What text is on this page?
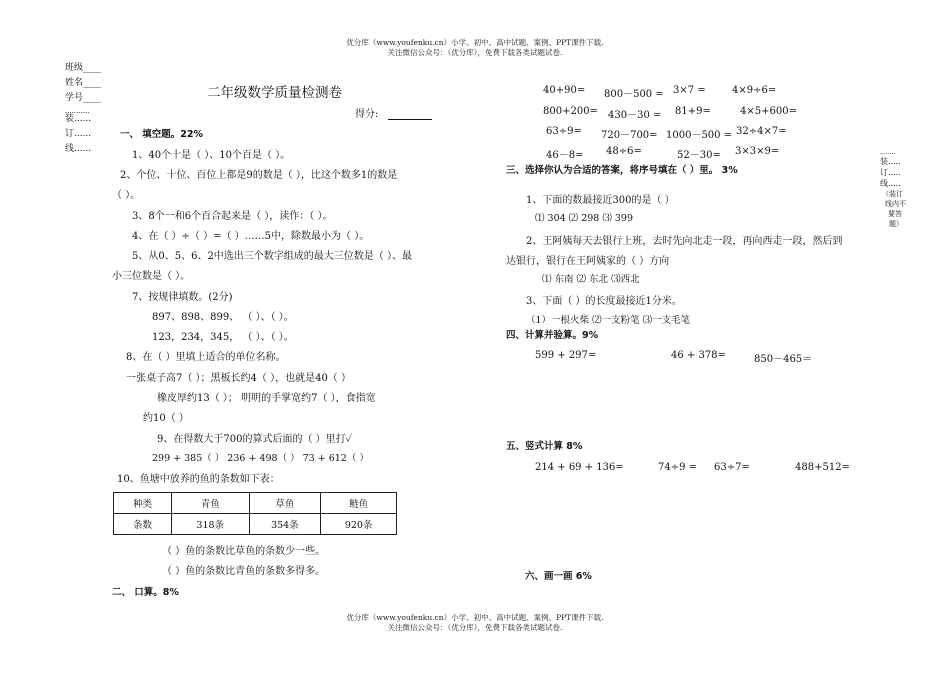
优分库（www.youfenku.cn）小学、初中、高中试题、案例、PPT课件下载.
关注微信公众号：（优分库），免费下载各类试题试卷.
班级____
姓名____
学号____
...........
装......
订......
线......
二年级数学质量检测卷
得分:
一、 填空题。22%
1、40个十是（ ）、10个百是（ ）。
2、个位、十位、百位上都是9的数是（ ），比这个数多1的数是
（ ）。
3、8个一和6个百合起来是（ ），读作：（ ）。
4、在（ ）÷（ ）=（ ）……5中，除数最小为（ ）。
5、从0、5、6、2中选出三个数字组成的最大三位数是（ ）、最
小三位数是（ ）。
7、按规律填数。(2分)
897、898、899、 （ ）、（ ）。
123，234，345， （ ）、（ ）。
8、在（ ）里填上适合的单位名称。
一张桌子高7（ ）；黑板长约4（ ），也就是40（ ）
橡皮厚约13（ ）； 明明的手掌宽约7（ ），食指宽
约10（ ）
9、在得数大于700的算式后面的（ ）里打✓
299 + 385（ ） 236 + 498（ ） 73 + 612（ ）
10、鱼塘中放养的鱼的条数如下表：
种类	青鱼	草鱼	鲢鱼
条数	318条	354条	920条
（ ）鱼的条数比草鱼的条数少一些。
（ ）鱼的条数比青鱼的条数多得多。
二、 口算。8%
40+90= 800－500 = 3×7 =	4×9÷6=
800+200= 430－30 = 81+9=	4×5+600=
63÷9= 720－700= 1000－500 = 32÷4×7=
46－8= 48÷6=	52－30= 3×3×9=
三、选择你认为合适的答案，将序号填在（ ）里。 3%
1、下面的数最接近300的是（ ）
⑴ 304 ⑵ 298 ⑶ 399
2、王阿姨每天去银行上班，去时先向北走一段，再向西走一段，然后到
达银行，银行在王阿姨家的（ ）方向
⑴ 东南 ⑵ 东北 ⑶西北
3、下面（ ）的长度最接近1分米。
（1）一根火柴 ⑵一支粉笔 ⑶一支毛笔
四、计算并验算。9%
599 + 297=	46 + 378=	850－465＝
五、竖式计算 8%
214 + 69 + 136=	74÷9 = 63÷7=	488+512=
六、画一画 6%
........
装.....
订.....
线.....
（装订
线内不
要答
题）
优分库（www.youfenku.cn）小学、初中、高中试题、案例、PPT课件下载.
关注微信公众号：（优分库），免费下载各类试题试卷.
